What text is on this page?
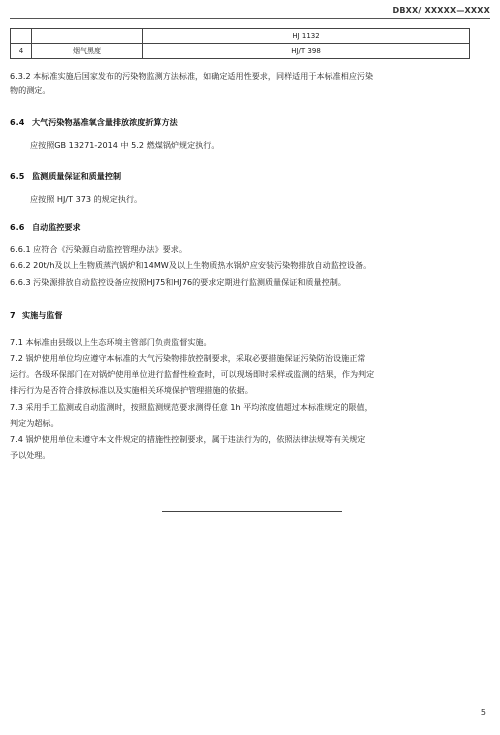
DBXX/ XXXXX—XXXX
		HJ 1132
4	烟气黑度	HJ/T 398
6.3.2 本标准实施后国家发布的污染物监测方法标准，如确定适用性要求，同样适用于本标准相应污染
物的测定。
6.4 大气污染物基准氧含量排放浓度折算方法
应按照GB 13271-2014 中 5.2 燃煤锅炉规定执行。
6.5 监测质量保证和质量控制
应按照 HJ/T 373 的规定执行。
6.6 自动监控要求
6.6.1 应符合《污染源自动监控管理办法》要求。
6.6.2 20t/h及以上生物质蒸汽锅炉和14MW及以上生物质热水锅炉应安装污染物排放自动监控设备。
6.6.3 污染源排放自动监控设备应按照HJ75和HJ76的要求定期进行监测质量保证和质量控制。
7 实施与监督
7.1 本标准由县级以上生态环境主管部门负责监督实施。
7.2 锅炉使用单位均应遵守本标准的大气污染物排放控制要求，采取必要措施保证污染防治设施正常
运行。各级环保部门在对锅炉使用单位进行监督性检查时，可以现场即时采样或监测的结果，作为判定
排污行为是否符合排放标准以及实施相关环境保护管理措施的依据。
7.3 采用手工监测或自动监测时，按照监测规范要求测得任意 1h 平均浓度值超过本标准规定的限值，
判定为超标。
7.4 锅炉使用单位未遵守本文件规定的措施性控制要求，属于违法行为的，依照法律法规等有关规定
予以处理。
5
